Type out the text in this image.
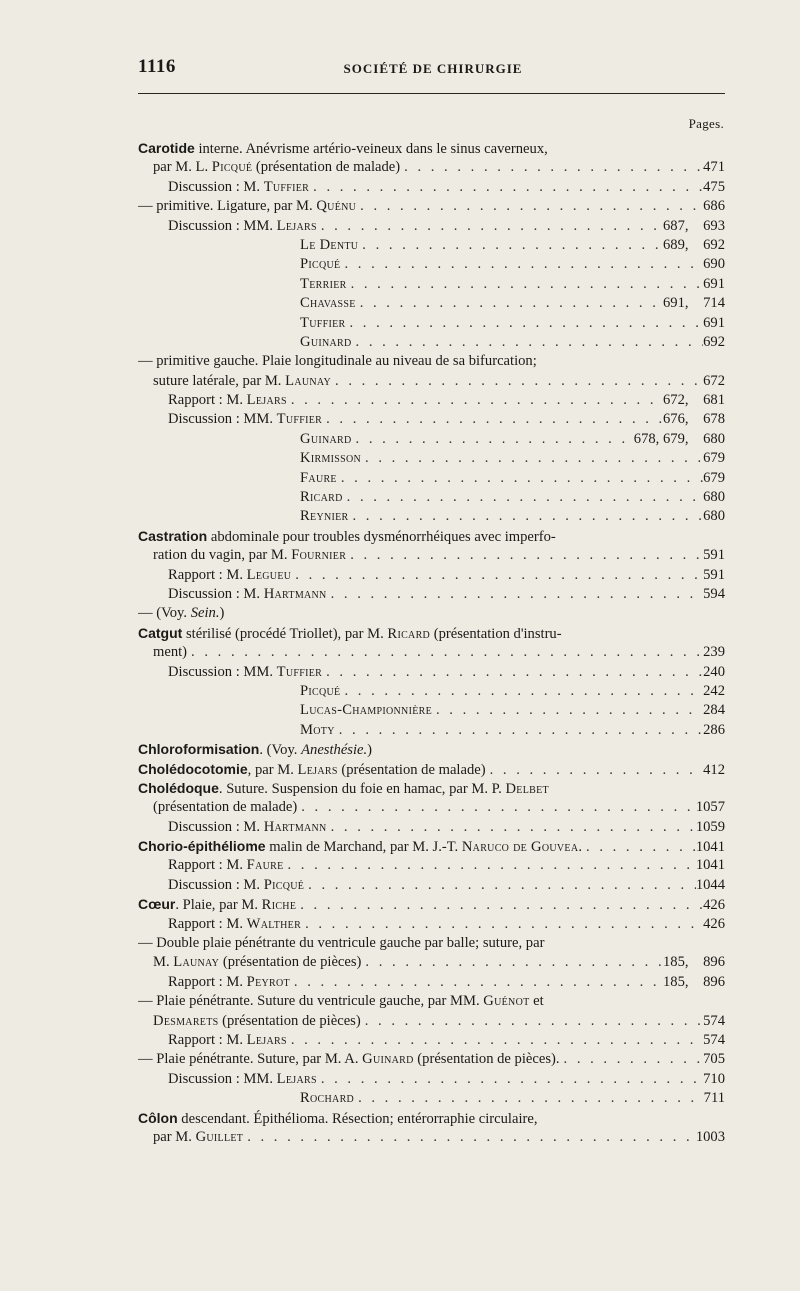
1116	SOCIÉTÉ DE CHIRURGIE
Pages.
Carotide interne. Anévrisme artério-veineux dans le sinus caverneux,
par M. L. Picqué (présentation de malade) . . .	471
Discussion : M. Tuffier . . .	475
— primitive. Ligature, par M. Quénu . . .	686
Discussion : MM. Lejars . . .	687,    693
Le Dentu . . .	689,    692
Picqué . . .	690
Terrier . . .	691
Chavasse . . .	691,    714
Tuffier . . .	691
Guinard . . .	692
— primitive gauche. Plaie longitudinale au niveau de sa bifurcation;
suture latérale, par M. Launay . . .	672
Rapport : M. Lejars . . .	672,    681
Discussion : MM. Tuffier . . .	676,    678
Guinard . . .	678, 679,    680
Kirmisson . . .	679
Faure . . .	679
Ricard . . .	680
Reynier . . .	680
Castration abdominale pour troubles dysménorrhéiques avec imperfo-
ration du vagin, par M. Fournier . . .	591
Rapport : M. Legueu . . .	591
Discussion : M. Hartmann . . .	594
— (Voy. Sein.)
Catgut stérilisé (procédé Triollet), par M. Ricard (présentation d'instru-
ment) . . .	239
Discussion : MM. Tuffier . . .	240
Picqué . . .	242
Lucas-Championnière . . .	284
Moty . . .	286
Chloroformisation. (Voy. Anesthésie.)
Cholédocotomie, par M. Lejars (présentation de malade) . . .	412
Cholédoque. Suture. Suspension du foie en hamac, par M. P. Delbet
(présentation de malade) . . .	1057
Discussion : M. Hartmann . . .	1059
Chorio-épithéliome malin de Marchand, par M. J.-T. Naruco de Gouvea. . . .	1041
Rapport : M. Faure . . .	1041
Discussion : M. Picqué . . .	1044
Cœur. Plaie, par M. Riche . . .	426
Rapport : M. Walther . . .	426
— Double plaie pénétrante du ventricule gauche par balle; suture, par
M. Launay (présentation de pièces) . . .	185,    896
Rapport : M. Peyrot . . .	185,    896
— Plaie pénétrante. Suture du ventricule gauche, par MM. Guénot et
Desmarets (présentation de pièces) . . .	574
Rapport : M. Lejars . . .	574
— Plaie pénétrante. Suture, par M. A. Guinard (présentation de pièces). . . .	705
Discussion : MM. Lejars . . .	710
Rochard . . .	711
Côlon descendant. Épithélioma. Résection; entérorraphie circulaire,
par M. Guillet . . .	1003
